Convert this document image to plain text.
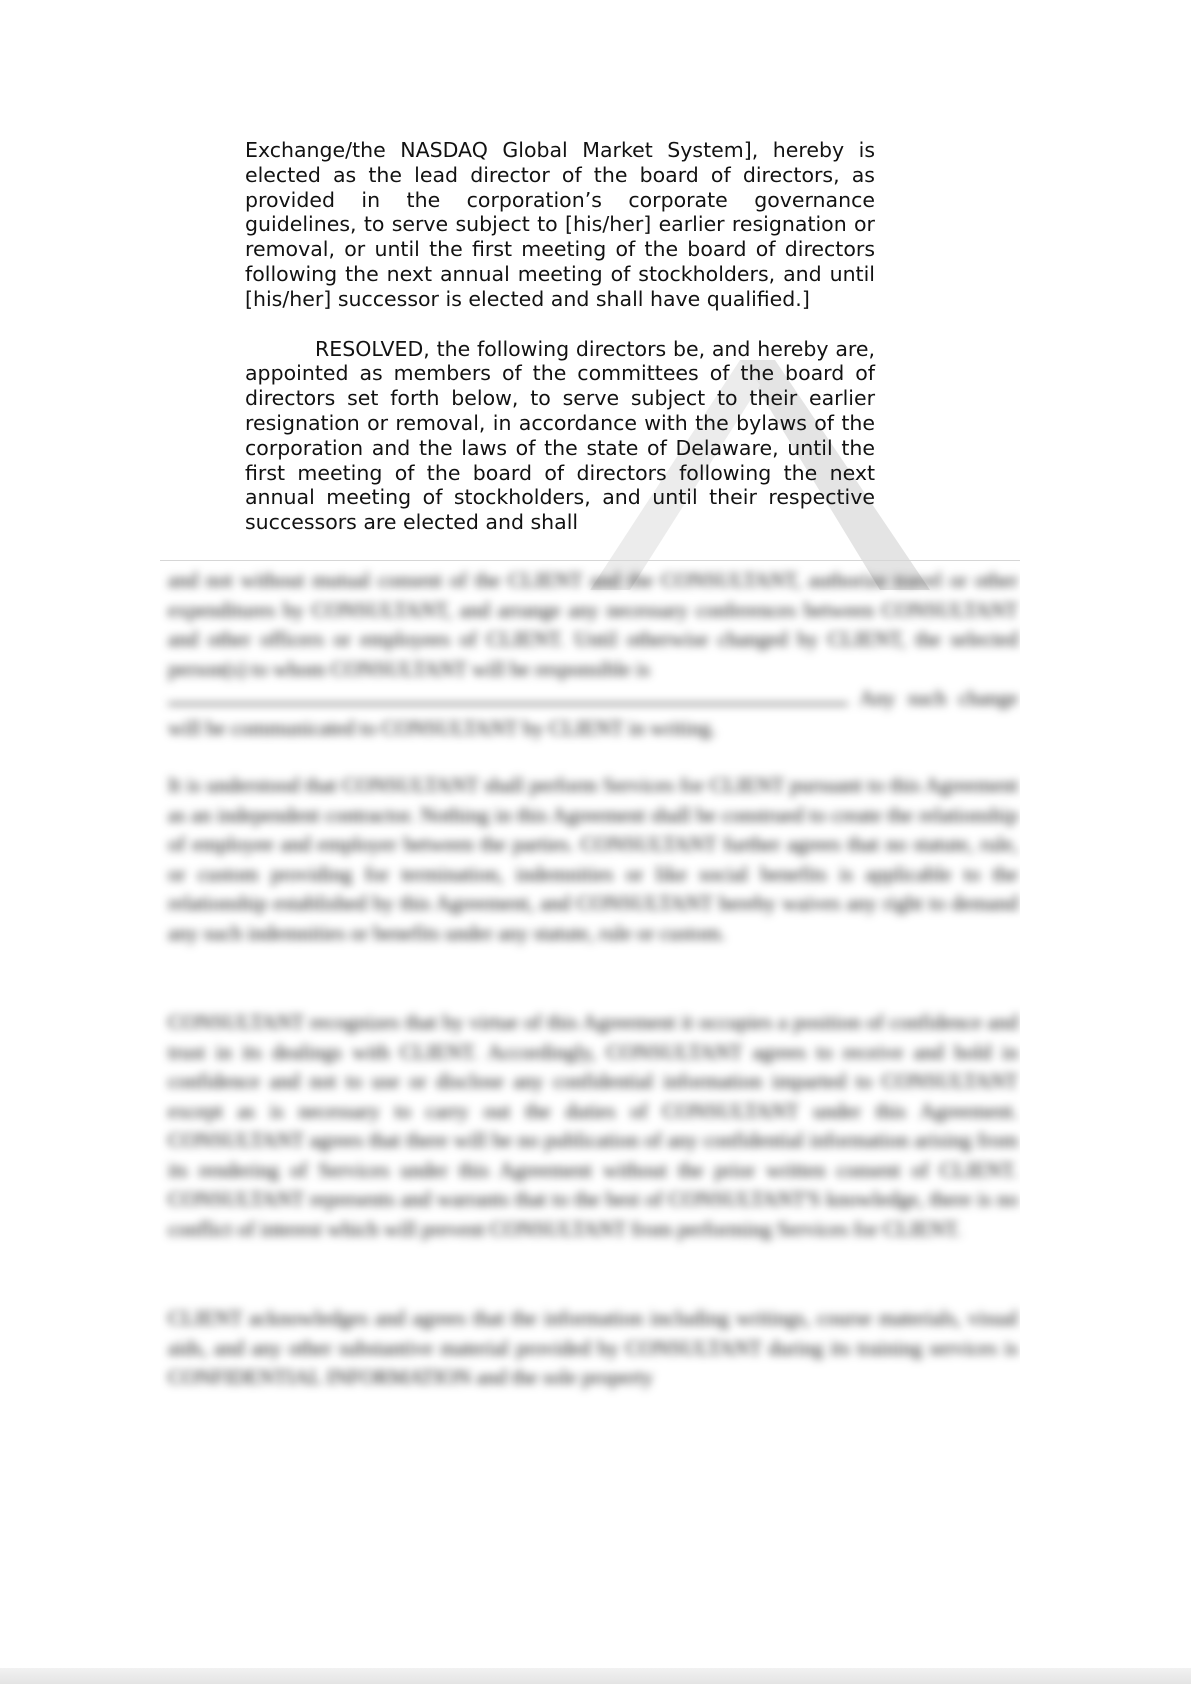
Exchange/the NASDAQ Global Market System], hereby is elected as the lead director of the board of directors, as provided in the corporation’s corporate governance guidelines, to serve subject to [his/her] earlier resignation or removal, or until the first meeting of the board of directors following the next annual meeting of stockholders, and until [his/her] successor is elected and shall have qualified.]

RESOLVED, the following directors be, and hereby are, appointed as members of the committees of the board of directors set forth below, to serve subject to their earlier resignation or removal, in accordance with the bylaws of the corporation and the laws of the state of Delaware, until the first meeting of the board of directors following the next annual meeting of stockholders, and until their respective successors are elected and shall

and not without mutual consent of the CLIENT and the CONSULTANT, authorize travel or other expenditures by CONSULTANT, and arrange any necessary conferences between CONSULTANT and other officers or employees of CLIENT. Until otherwise changed by CLIENT, the selected person(s) to whom CONSULTANT will be responsible is
Any such change will be communicated to CONSULTANT by CLIENT in writing.

It is understood that CONSULTANT shall perform Services for CLIENT pursuant to this Agreement as an independent contractor. Nothing in this Agreement shall be construed to create the relationship of employee and employer between the parties. CONSULTANT further agrees that no statute, rule, or custom providing for termination, indemnities or like social benefits is applicable to the relationship established by this Agreement, and CONSULTANT hereby waives any right to demand any such indemnities or benefits under any statute, rule or custom.

CONSULTANT recognizes that by virtue of this Agreement it occupies a position of confidence and trust in its dealings with CLIENT. Accordingly, CONSULTANT agrees to receive and hold in confidence and not to use or disclose any confidential information imparted to CONSULTANT except as is necessary to carry out the duties of CONSULTANT under this Agreement. CONSULTANT agrees that there will be no publication of any confidential information arising from its rendering of Services under this Agreement without the prior written consent of CLIENT. CONSULTANT represents and warrants that to the best of CONSULTANT'S knowledge, there is no conflict of interest which will prevent CONSULTANT from performing Services for CLIENT.

CLIENT acknowledges and agrees that the information including writings, course materials, visual aids, and any other substantive material provided by CONSULTANT during its training services is CONFIDENTIAL INFORMATION and the sole property
